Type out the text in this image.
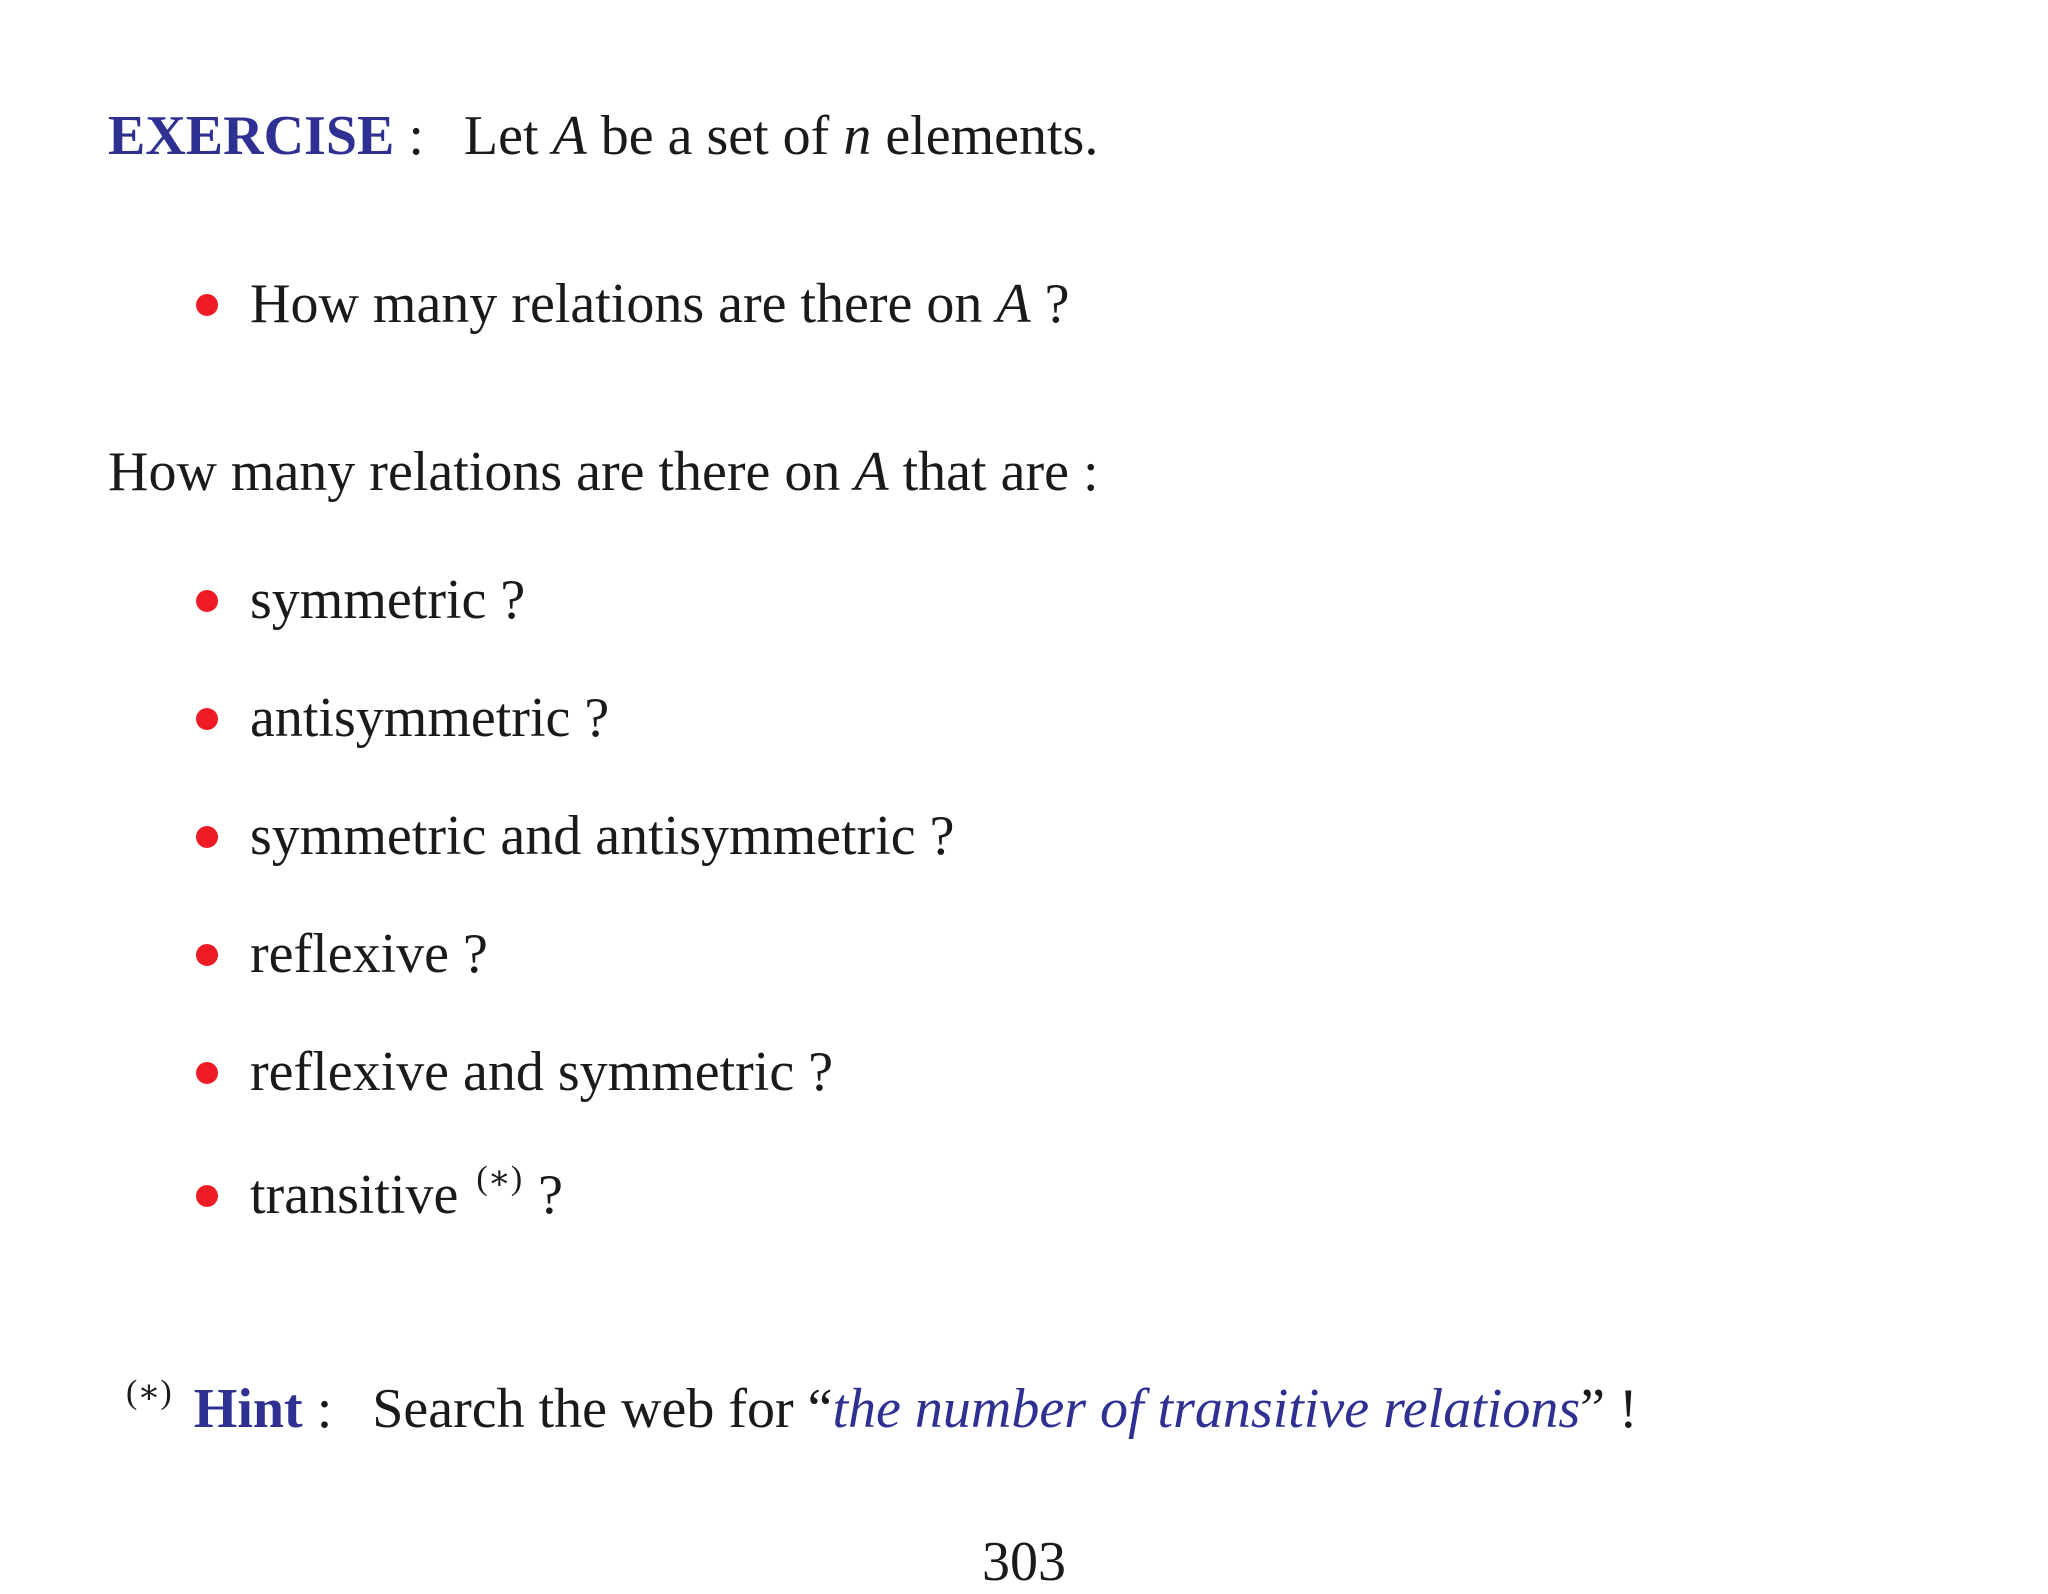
EXERCISE : Let A be a set of n elements.
How many relations are there on A ?
How many relations are there on A that are :
symmetric ?
antisymmetric ?
symmetric and antisymmetric ?
reflexive ?
reflexive and symmetric ?
transitive (∗) ?
(∗) Hint : Search the web for “the number of transitive relations” !
303
